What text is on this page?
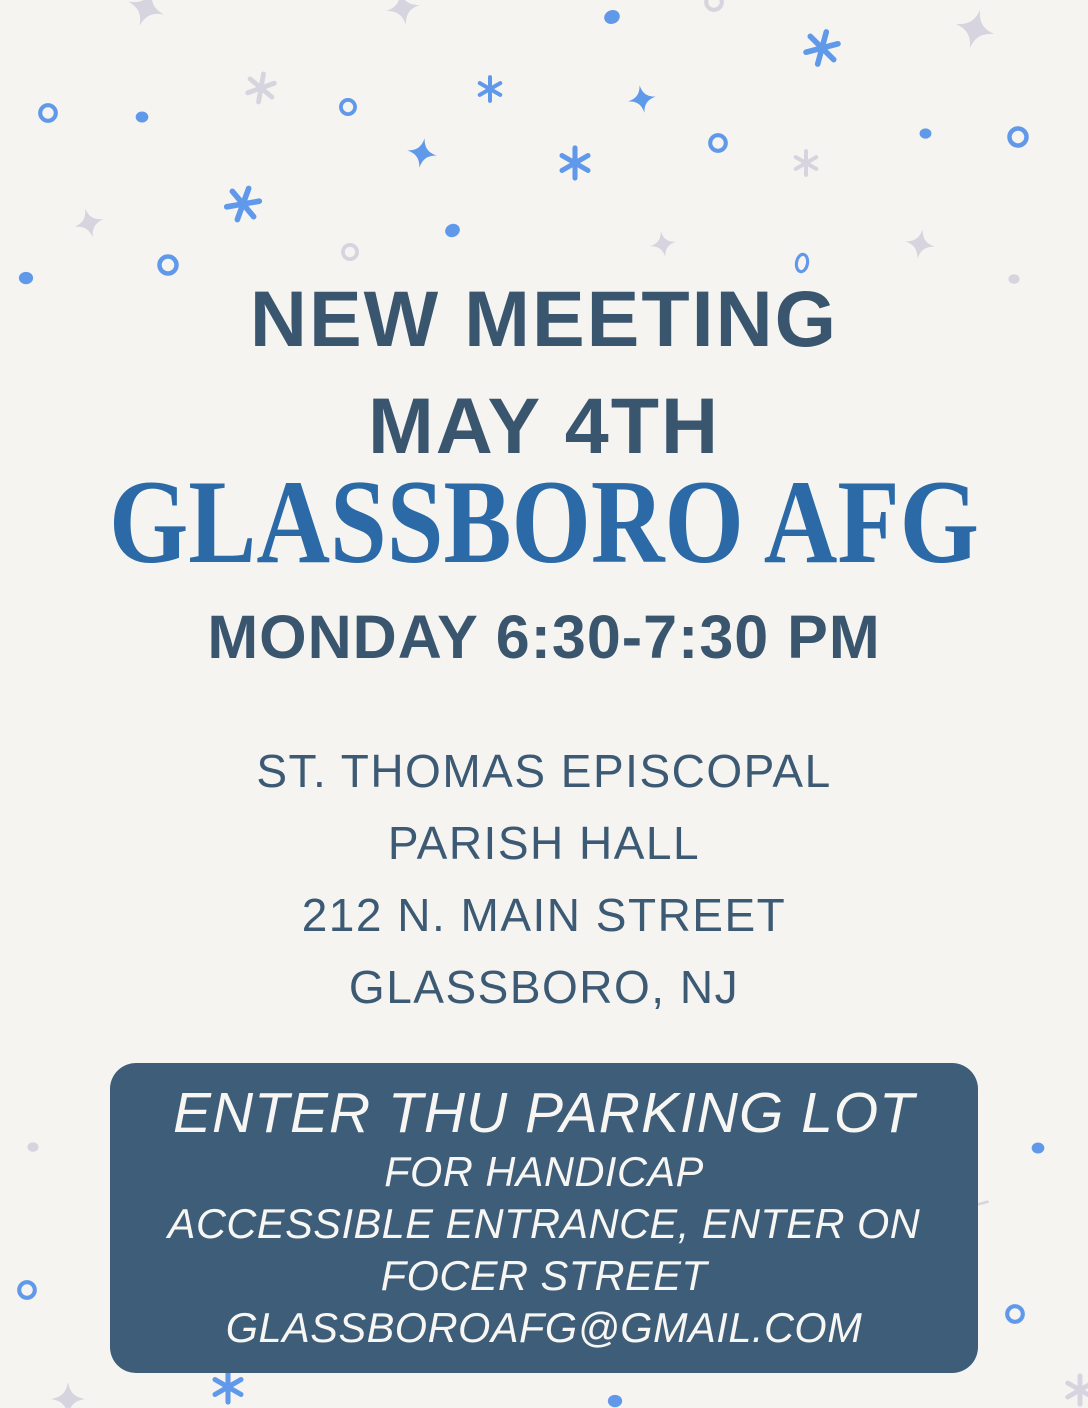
NEW MEETING
MAY 4TH
GLASSBORO AFG
MONDAY 6:30-7:30 PM
ST. THOMAS EPISCOPAL
PARISH HALL
212 N. MAIN STREET
GLASSBORO, NJ
ENTER THU PARKING LOT
FOR HANDICAP
ACCESSIBLE ENTRANCE, ENTER ON
FOCER STREET
GLASSBOROAFG@GMAIL.COM
